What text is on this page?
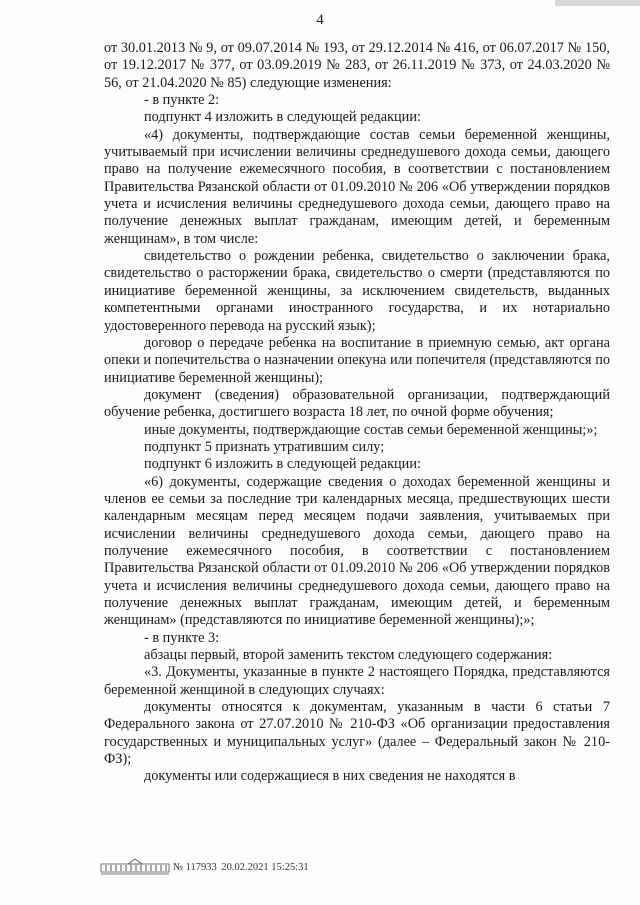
4

от 30.01.2013 № 9, от 09.07.2014 № 193, от 29.12.2014 № 416, от 06.07.2017 № 150, от 19.12.2017 № 377, от 03.09.2019 № 283, от 26.11.2019 № 373, от 24.03.2020 № 56, от 21.04.2020 № 85) следующие изменения:

- в пункте 2:

подпункт 4 изложить в следующей редакции:

«4) документы, подтверждающие состав семьи беременной женщины, учитываемый при исчислении величины среднедушевого дохода семьи, дающего право на получение ежемесячного пособия, в соответствии с постановлением Правительства Рязанской области от 01.09.2010 № 206 «Об утверждении порядков учета и исчисления величины среднедушевого дохода семьи, дающего право на получение денежных выплат гражданам, имеющим детей, и беременным женщинам», в том числе:

свидетельство о рождении ребенка, свидетельство о заключении брака, свидетельство о расторжении брака, свидетельство о смерти (представляются по инициативе беременной женщины, за исключением свидетельств, выданных компетентными органами иностранного государства, и их нотариально удостоверенного перевода на русский язык);

договор о передаче ребенка на воспитание в приемную семью, акт органа опеки и попечительства о назначении опекуна или попечителя (представляются по инициативе беременной женщины);

документ (сведения) образовательной организации, подтверждающий обучение ребенка, достигшего возраста 18 лет, по очной форме обучения;

иные документы, подтверждающие состав семьи беременной женщины;»;

подпункт 5 признать утратившим силу;

подпункт 6 изложить в следующей редакции:

«6) документы, содержащие сведения о доходах беременной женщины и членов ее семьи за последние три календарных месяца, предшествующих шести календарным месяцам перед месяцем подачи заявления, учитываемых при исчислении величины среднедушевого дохода семьи, дающего право на получение ежемесячного пособия, в соответствии с постановлением Правительства Рязанской области от 01.09.2010 № 206 «Об утверждении порядков учета и исчисления величины среднедушевого дохода семьи, дающего право на получение денежных выплат гражданам, имеющим детей, и беременным женщинам» (представляются по инициативе беременной женщины);»;

- в пункте 3:

абзацы первый, второй заменить текстом следующего содержания:

«3. Документы, указанные в пункте 2 настоящего Порядка, представляются беременной женщиной в следующих случаях:

документы относятся к документам, указанным в части 6 статьи 7 Федерального закона от 27.07.2010 № 210-ФЗ «Об организации предоставления государственных и муниципальных услуг» (далее – Федеральный закон № 210-ФЗ);

документы или содержащиеся в них сведения не находятся в

№ 117933 20.02.2021 15:25:31
